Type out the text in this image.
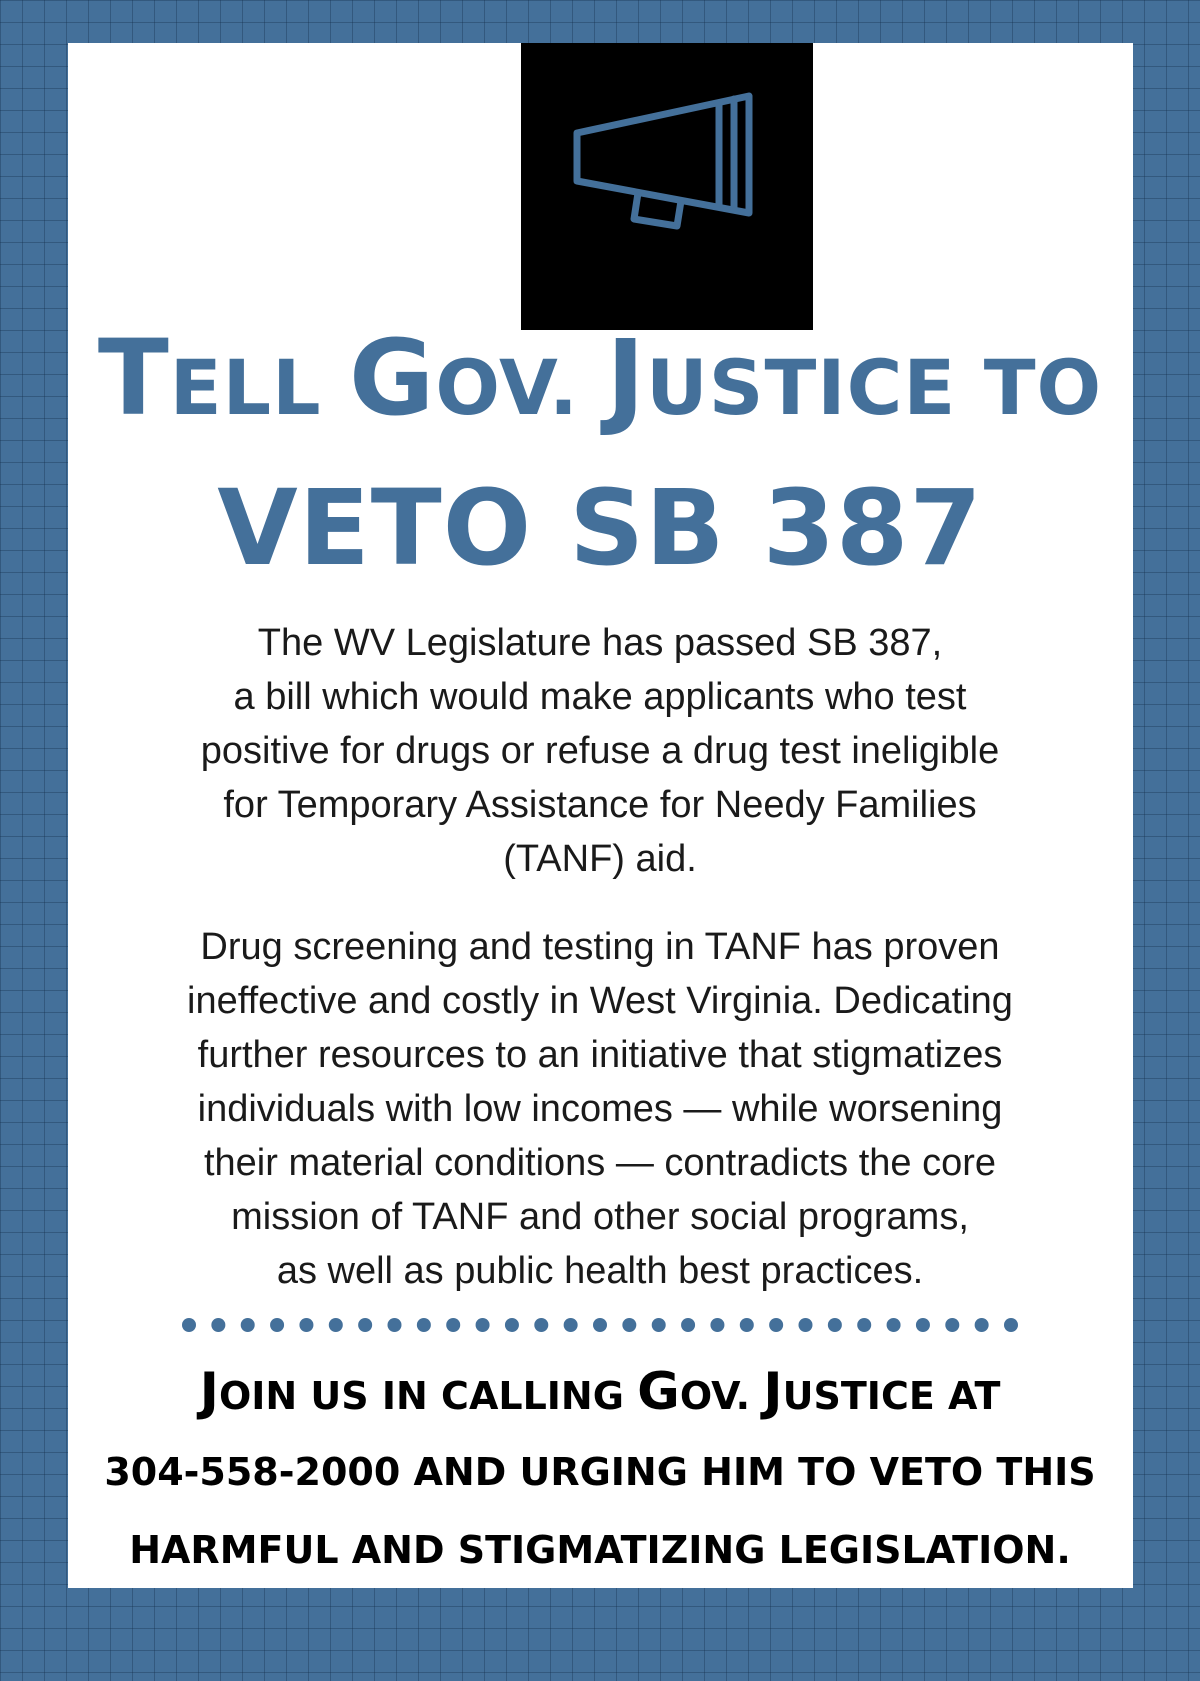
TELL GOV. JUSTICE TO
VETO SB 387
The WV Legislature has passed SB 387,
a bill which would make applicants who test
positive for drugs or refuse a drug test ineligible
for Temporary Assistance for Needy Families
(TANF) aid.
Drug screening and testing in TANF has proven
ineffective and costly in West Virginia. Dedicating
further resources to an initiative that stigmatizes
individuals with low incomes — while worsening
their material conditions — contradicts the core
mission of TANF and other social programs,
as well as public health best practices.
JOIN US IN CALLING GOV. JUSTICE AT
304-558-2000 AND URGING HIM TO VETO THIS
HARMFUL AND STIGMATIZING LEGISLATION.
